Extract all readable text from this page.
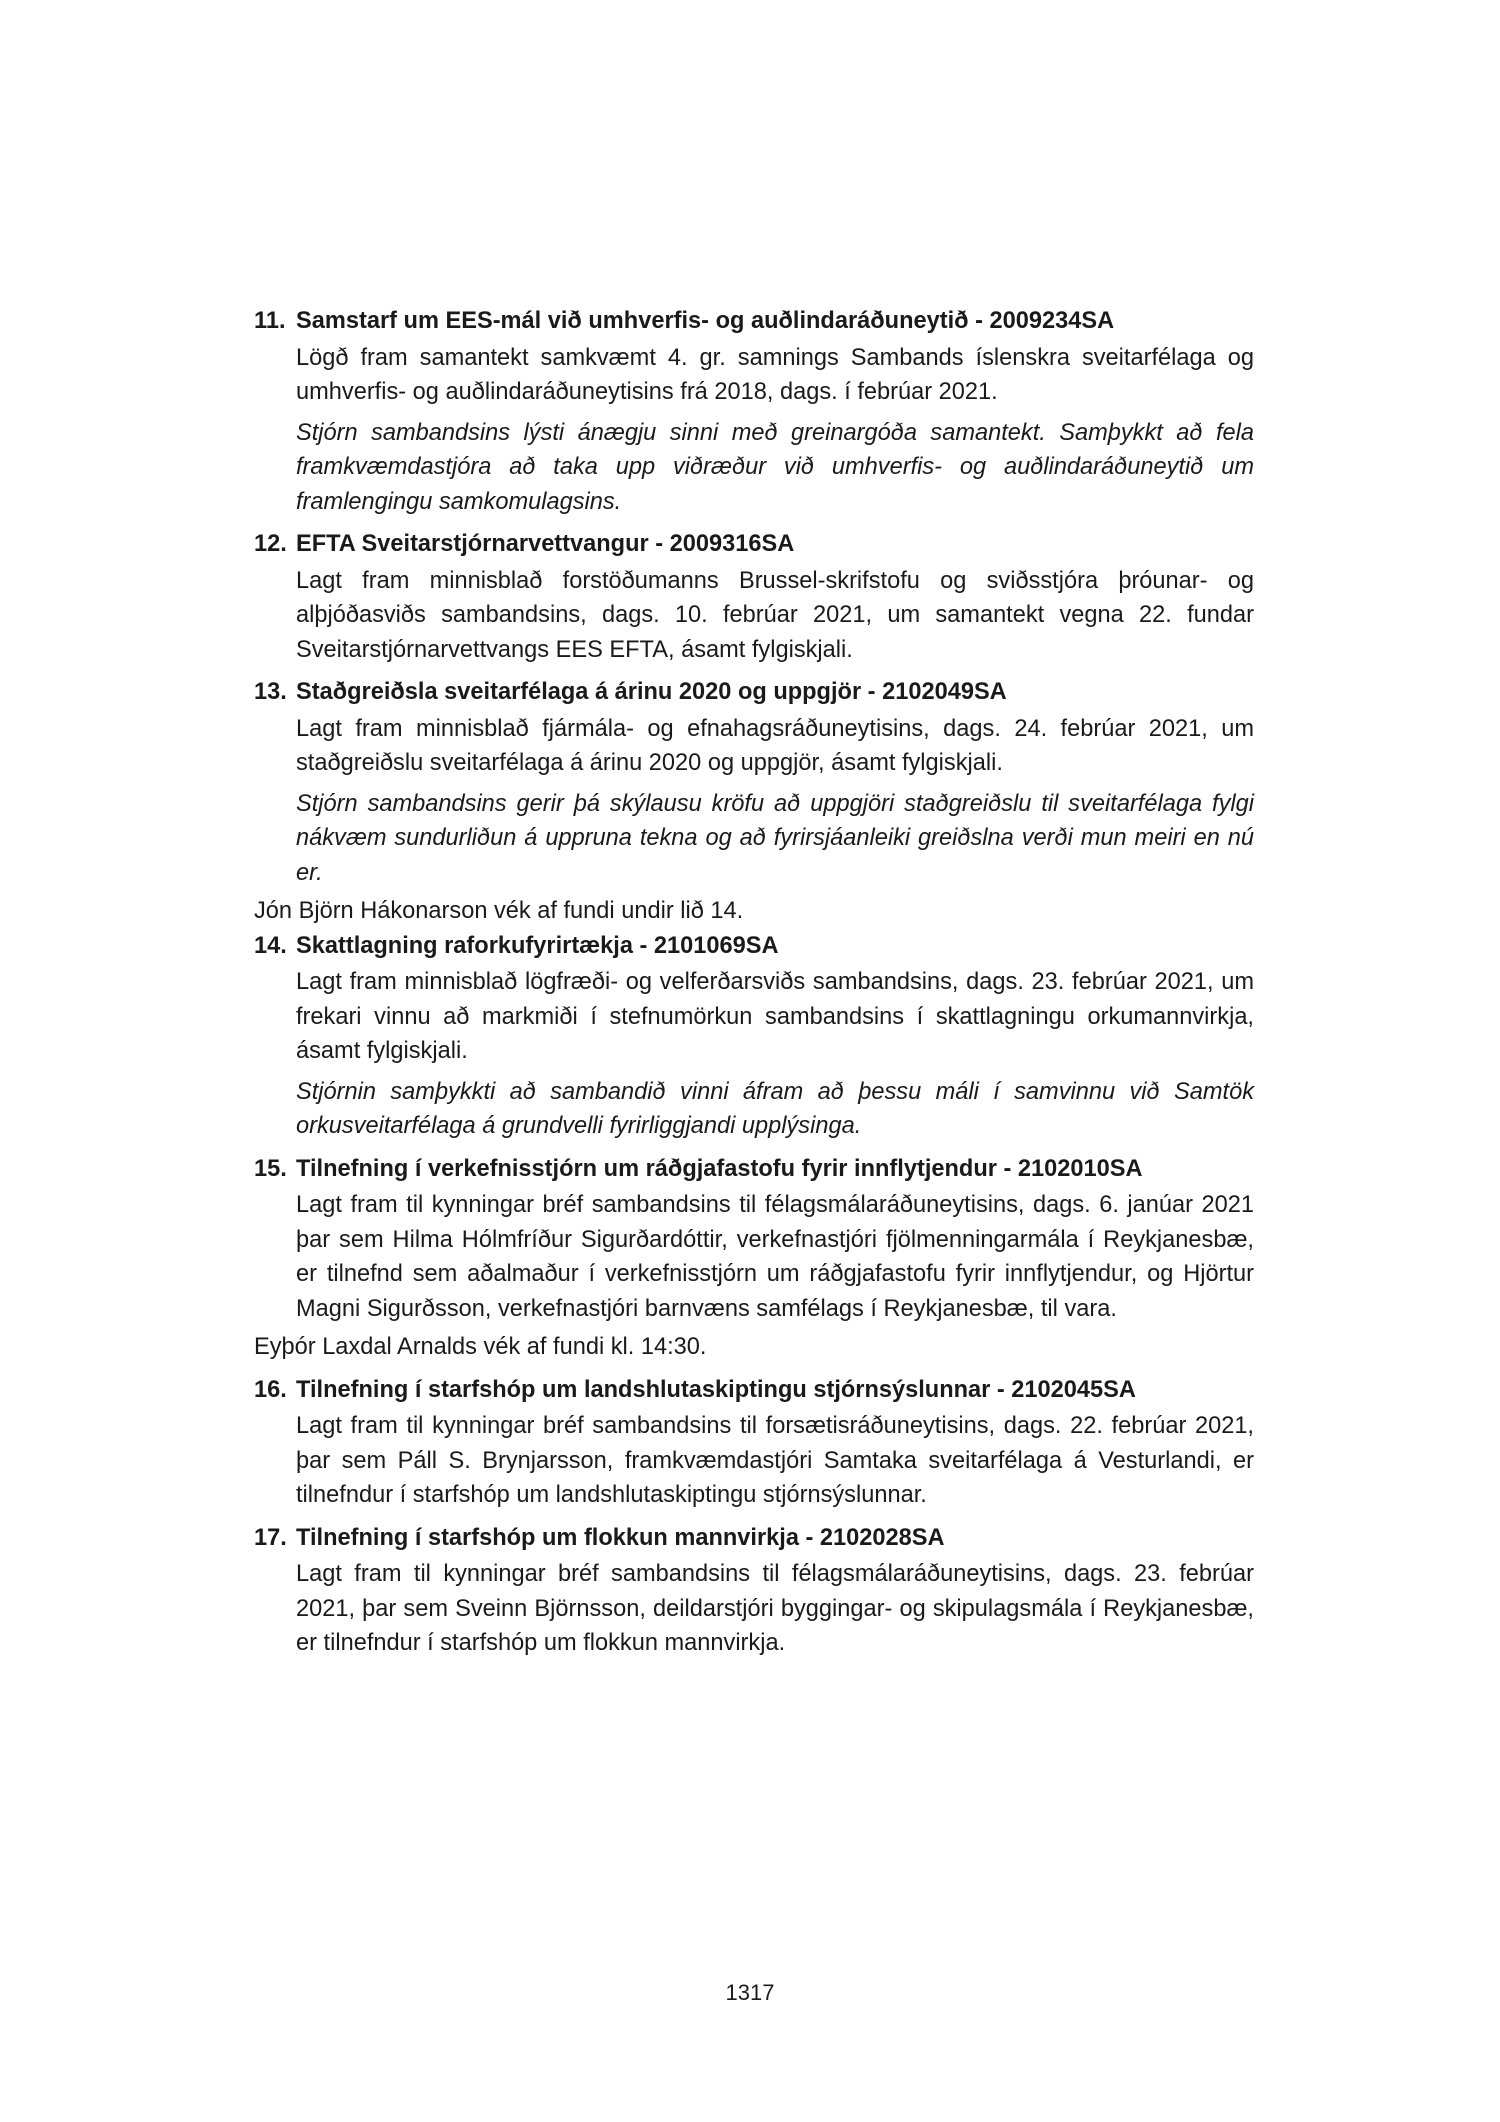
11. Samstarf um EES-mál við umhverfis- og auðlindaráðuneytið - 2009234SA
Lögð fram samantekt samkvæmt 4. gr. samnings Sambands íslenskra sveitarfélaga og umhverfis- og auðlindaráðuneytisins frá 2018, dags. í febrúar 2021.
Stjórn sambandsins lýsti ánægju sinni með greinargóða samantekt. Samþykkt að fela framkvæmdastjóra að taka upp viðræður við umhverfis- og auðlindaráðuneytið um framlengingu samkomulagsins.
12. EFTA Sveitarstjórnarvettvangur - 2009316SA
Lagt fram minnisblað forstöðumanns Brussel-skrifstofu og sviðsstjóra þróunar- og alþjóðasviðs sambandsins, dags. 10. febrúar 2021, um samantekt vegna 22. fundar Sveitarstjórnarvettvangs EES EFTA, ásamt fylgiskjali.
13. Staðgreiðsla sveitarfélaga á árinu 2020 og uppgjör - 2102049SA
Lagt fram minnisblað fjármála- og efnahagsráðuneytisins, dags. 24. febrúar 2021, um staðgreiðslu sveitarfélaga á árinu 2020 og uppgjör, ásamt fylgiskjali.
Stjórn sambandsins gerir þá skýlausu kröfu að uppgjöri staðgreiðslu til sveitarfélaga fylgi nákvæm sundurliðun á uppruna tekna og að fyrirsjáanleiki greiðslna verði mun meiri en nú er.
Jón Björn Hákonarson vék af fundi undir lið 14.
14. Skattlagning raforkufyrirtækja - 2101069SA
Lagt fram minnisblað lögfræði- og velferðarsviðs sambandsins, dags. 23. febrúar 2021, um frekari vinnu að markmiði í stefnumörkun sambandsins í skattlagningu orkumannvirkja, ásamt fylgiskjali.
Stjórnin samþykkti að sambandið vinni áfram að þessu máli í samvinnu við Samtök orkusveitarfélaga á grundvelli fyrirliggjandi upplýsinga.
15. Tilnefning í verkefnisstjórn um ráðgjafastofu fyrir innflytjendur - 2102010SA
Lagt fram til kynningar bréf sambandsins til félagsmálaráðuneytisins, dags. 6. janúar 2021 þar sem Hilma Hólmfríður Sigurðardóttir, verkefnastjóri fjölmenningarmála í Reykjanesbæ, er tilnefnd sem aðalmaður í verkefnisstjórn um ráðgjafastofu fyrir innflytjendur, og Hjörtur Magni Sigurðsson, verkefnastjóri barnvæns samfélags í Reykjanesbæ, til vara.
Eyþór Laxdal Arnalds vék af fundi kl. 14:30.
16. Tilnefning í starfshóp um landshlutaskiptingu stjórnsýslunnar - 2102045SA
Lagt fram til kynningar bréf sambandsins til forsætisráðuneytisins, dags. 22. febrúar 2021, þar sem Páll S. Brynjarsson, framkvæmdastjóri Samtaka sveitarfélaga á Vesturlandi, er tilnefndur í starfshóp um landshlutaskiptingu stjórnsýslunnar.
17. Tilnefning í starfshóp um flokkun mannvirkja - 2102028SA
Lagt fram til kynningar bréf sambandsins til félagsmálaráðuneytisins, dags. 23. febrúar 2021, þar sem Sveinn Björnsson, deildarstjóri byggingar- og skipulagsmála í Reykjanesbæ, er tilnefndur í starfshóp um flokkun mannvirkja.
1317
